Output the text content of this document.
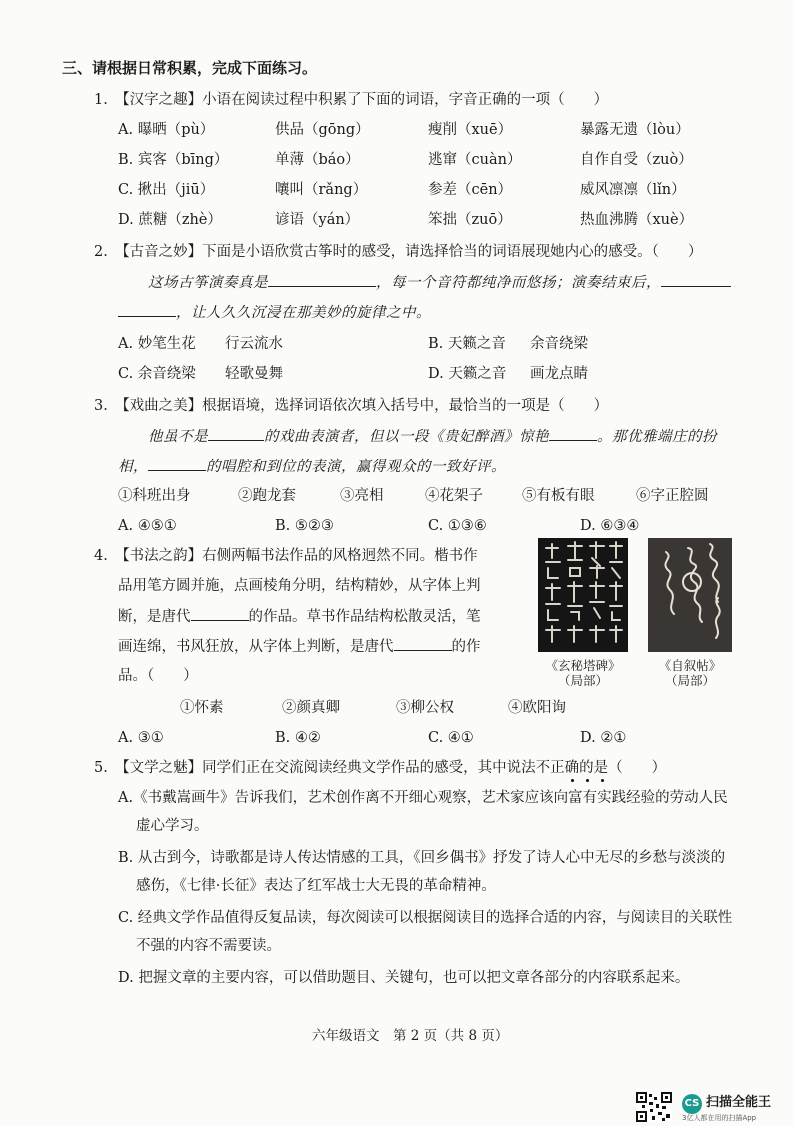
三、请根据日常积累，完成下面练习。
1.　【汉字之趣】小语在阅读过程中积累了下面的词语，字音正确的一项（　　）
A. 曝晒（pù）	供品（gōng）	瘦削（xuē）	暴露无遗（lòu）
B. 宾客（bīng）	单薄（báo）	逃窜（cuàn）	自作自受（zuò）
C. 揪出（jiū）	嚷叫（rǎng）	参差（cēn）	威风凛凛（lǐn）
D. 蔗糖（zhè）	谚语（yán）	笨拙（zuō）	热血沸腾（xuè）
2.　【古音之妙】下面是小语欣赏古筝时的感受，请选择恰当的词语展现她内心的感受。（　　）
这场古筝演奏真是	，每一个音符都纯净而悠扬；演奏结束后，
，让人久久沉浸在那美妙的旋律之中。
A. 妙笔生花 行云流水	B. 天籁之音 余音绕梁
C. 余音绕梁 轻歌曼舞	D. 天籁之音 画龙点睛
3.　【戏曲之美】根据语境，选择词语依次填入括号中，最恰当的一项是（　　）
他虽不是	的戏曲表演者，但以一段《贵妃醉酒》惊艳	。那优雅端庄的扮
相，	的唱腔和到位的表演，赢得观众的一致好评。
①科班出身	②跑龙套	③亮相	④花架子	⑤有板有眼	⑥字正腔圆
A. ④⑤①	B. ⑤②③	C. ①③⑥	D. ⑥③④
4.　【书法之韵】右侧两幅书法作品的风格迥然不同。楷书作
品用笔方圆并施，点画棱角分明，结构精妙，从字体上判
断，是唐代	的作品。草书作品结构松散灵活，笔
画连绵，书风狂放，从字体上判断，是唐代	的作
品。（　　）
《玄秘塔碑》
（局部）
《自叙帖》
（局部）
①怀素	②颜真卿	③柳公权	④欧阳询
A. ③①	B. ④②	C. ④①	D. ②①
5.　【文学之魅】同学们正在交流阅读经典文学作品的感受，其中说法不正确的是（　　）
A.《书戴嵩画牛》告诉我们，艺术创作离不开细心观察，艺术家应该向富有实践经验的劳动人民
虚心学习。
B. 从古到今，诗歌都是诗人传达情感的工具，《回乡偶书》抒发了诗人心中无尽的乡愁与淡淡的
感伤，《七律·长征》表达了红军战士大无畏的革命精神。
C. 经典文学作品值得反复品读，每次阅读可以根据阅读目的选择合适的内容，与阅读目的关联性
不强的内容不需要读。
D. 把握文章的主要内容，可以借助题目、关键句，也可以把文章各部分的内容联系起来。
六年级语文　第 2 页（共 8 页）
CS 扫描全能王
3亿人都在用的扫描App
